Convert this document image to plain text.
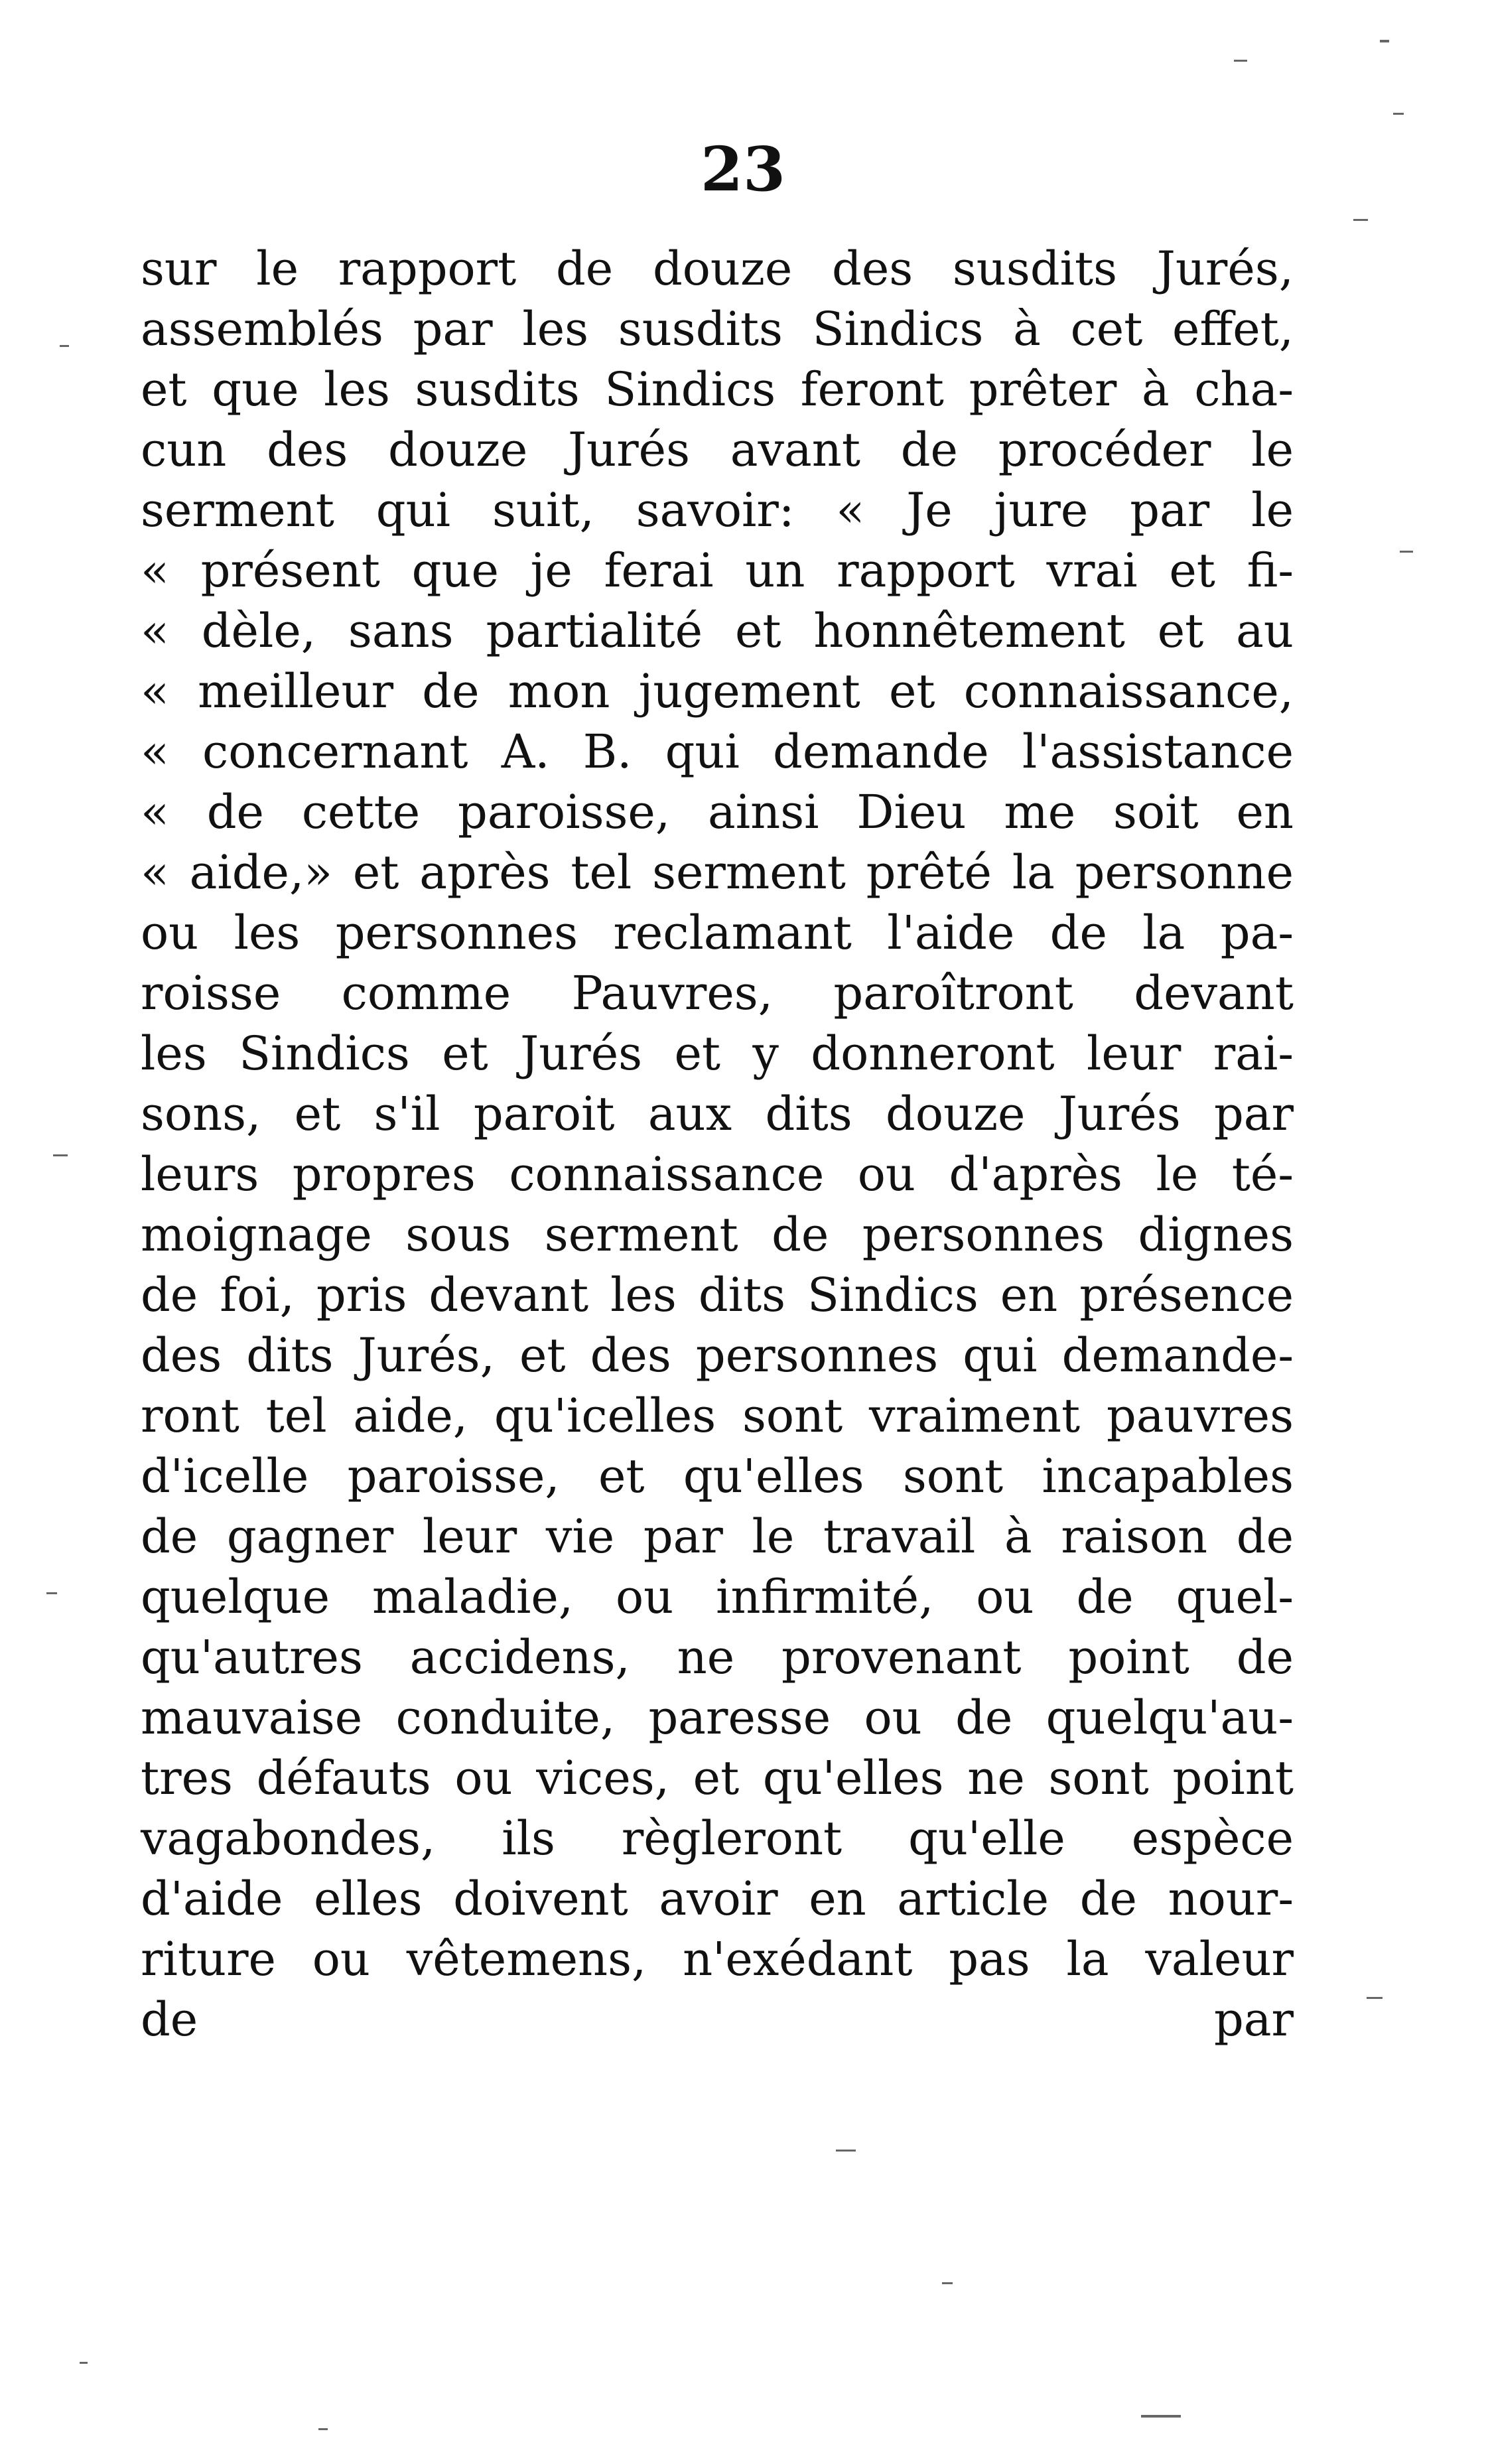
23
sur le rapport de douze des susdits Jurés,
assemblés par les susdits Sindics à cet effet,
et que les susdits Sindics feront prêter à cha-
cun des douze Jurés avant de procéder le
serment qui suit, savoir: « Je jure par le
« présent que je ferai un rapport vrai et fi-
« dèle, sans partialité et honnêtement et au
« meilleur de mon jugement et connaissance,
« concernant A. B. qui demande l'assistance
« de cette paroisse, ainsi Dieu me soit en
« aide,» et après tel serment prêté la personne
ou les personnes reclamant l'aide de la pa-
roisse comme Pauvres, paroîtront devant
les Sindics et Jurés et y donneront leur rai-
sons, et s'il paroit aux dits douze Jurés par
leurs propres connaissance ou d'après le té-
moignage sous serment de personnes dignes
de foi, pris devant les dits Sindics en présence
des dits Jurés, et des personnes qui demande-
ront tel aide, qu'icelles sont vraiment pauvres
d'icelle paroisse, et qu'elles sont incapables
de gagner leur vie par le travail à raison de
quelque maladie, ou infirmité, ou de quel-
qu'autres accidens, ne provenant point de
mauvaise conduite, paresse ou de quelqu'au-
tres défauts ou vices, et qu'elles ne sont point
vagabondes, ils règleront qu'elle espèce
d'aide elles doivent avoir en article de nour-
riture ou vêtemens, n'exédant pas la valeur
de	par
